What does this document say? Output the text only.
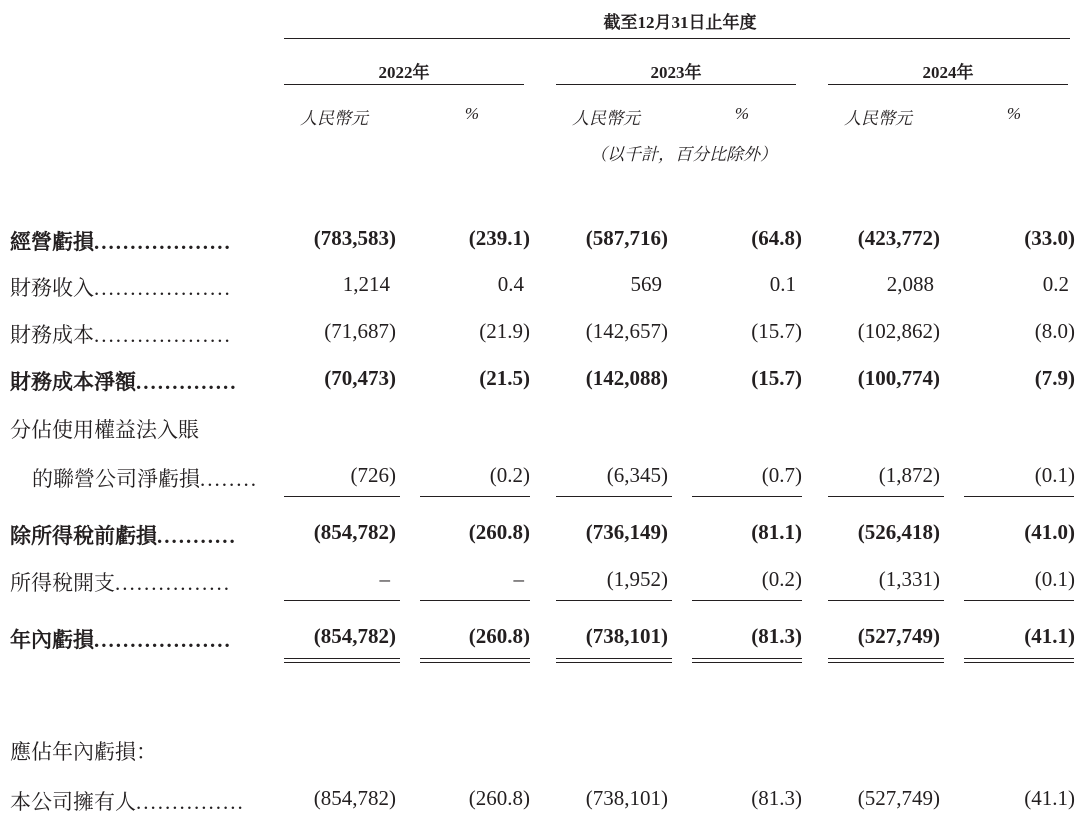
截至12月31日止年度
2022年	2023年	2024年
人民幣元	%	人民幣元	%	人民幣元	%
（以千計，百分比除外）
經營虧損...................	(783,583)	(239.1)	(587,716)	(64.8)	(423,772)	(33.0)
財務收入...................	1,214	0.4	569	0.1	2,088	0.2
財務成本...................	(71,687)	(21.9)	(142,657)	(15.7)	(102,862)	(8.0)
財務成本淨額..............	(70,473)	(21.5)	(142,088)	(15.7)	(100,774)	(7.9)
分佔使用權益法入賬
的聯營公司淨虧損........	(726)	(0.2)	(6,345)	(0.7)	(1,872)	(0.1)
除所得稅前虧損...........	(854,782)	(260.8)	(736,149)	(81.1)	(526,418)	(41.0)
所得稅開支................	–	–	(1,952)	(0.2)	(1,331)	(0.1)
年內虧損...................	(854,782)	(260.8)	(738,101)	(81.3)	(527,749)	(41.1)
應佔年內虧損：
本公司擁有人...............	(854,782)	(260.8)	(738,101)	(81.3)	(527,749)	(41.1)
